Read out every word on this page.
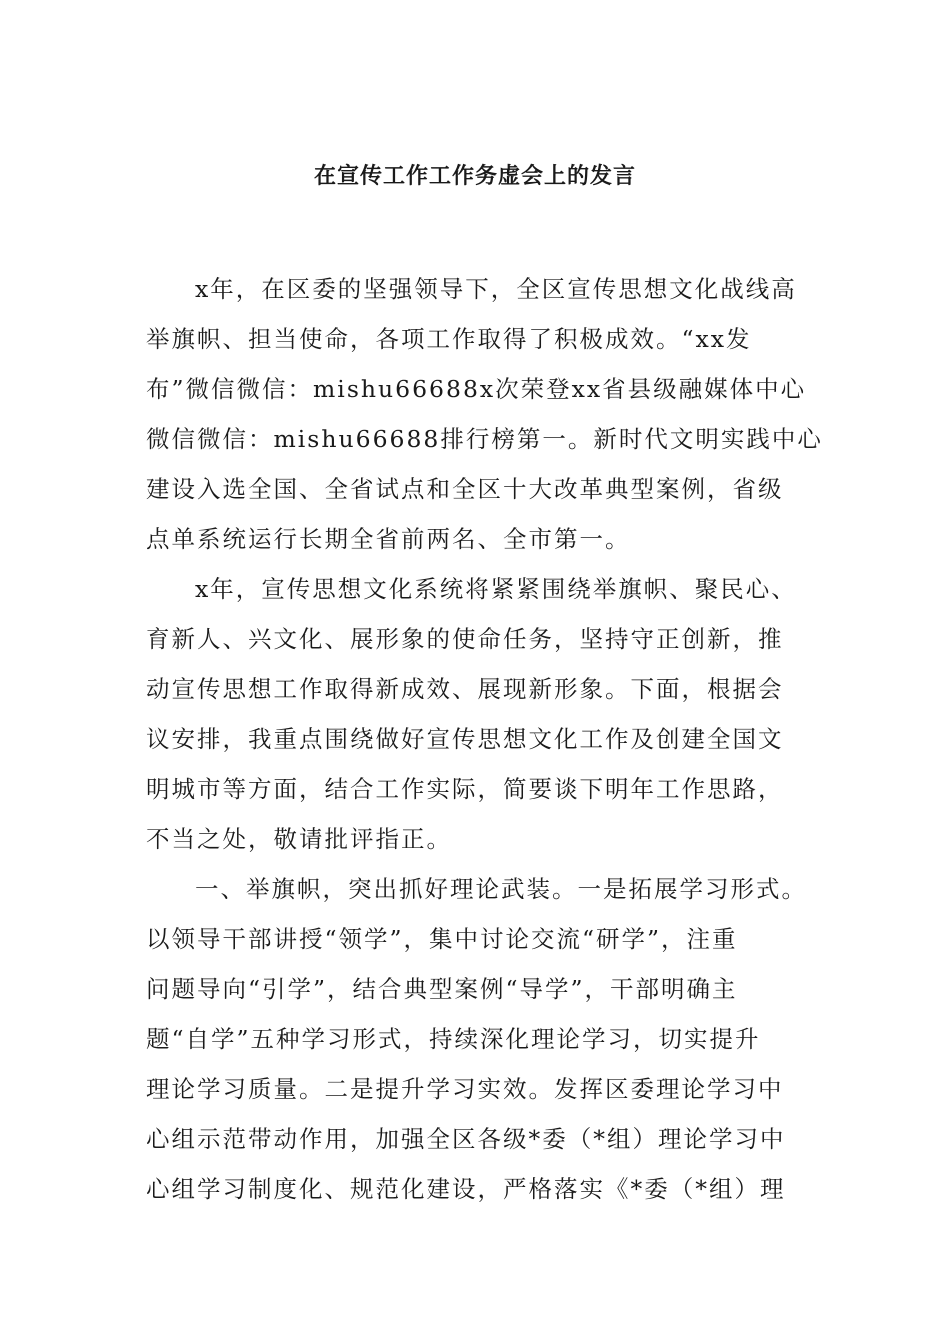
在宣传工作工作务虚会上的发言
x年，在区委的坚强领导下，全区宣传思想文化战线高
举旗帜、担当使命，各项工作取得了积极成效。“xx发
布”微信微信：mishu66688x次荣登xx省县级融媒体中心
微信微信：mishu66688排行榜第一。新时代文明实践中心
建设入选全国、全省试点和全区十大改革典型案例，省级
点单系统运行长期全省前两名、全市第一。
x年，宣传思想文化系统将紧紧围绕举旗帜、聚民心、
育新人、兴文化、展形象的使命任务，坚持守正创新，推
动宣传思想工作取得新成效、展现新形象。下面，根据会
议安排，我重点围绕做好宣传思想文化工作及创建全国文
明城市等方面，结合工作实际，简要谈下明年工作思路，
不当之处，敬请批评指正。
一、举旗帜，突出抓好理论武装。一是拓展学习形式。
以领导干部讲授“领学”，集中讨论交流“研学”，注重
问题导向“引学”，结合典型案例“导学”，干部明确主
题“自学”五种学习形式，持续深化理论学习，切实提升
理论学习质量。二是提升学习实效。发挥区委理论学习中
心组示范带动作用，加强全区各级*委（*组）理论学习中
心组学习制度化、规范化建设，严格落实《*委（*组）理
